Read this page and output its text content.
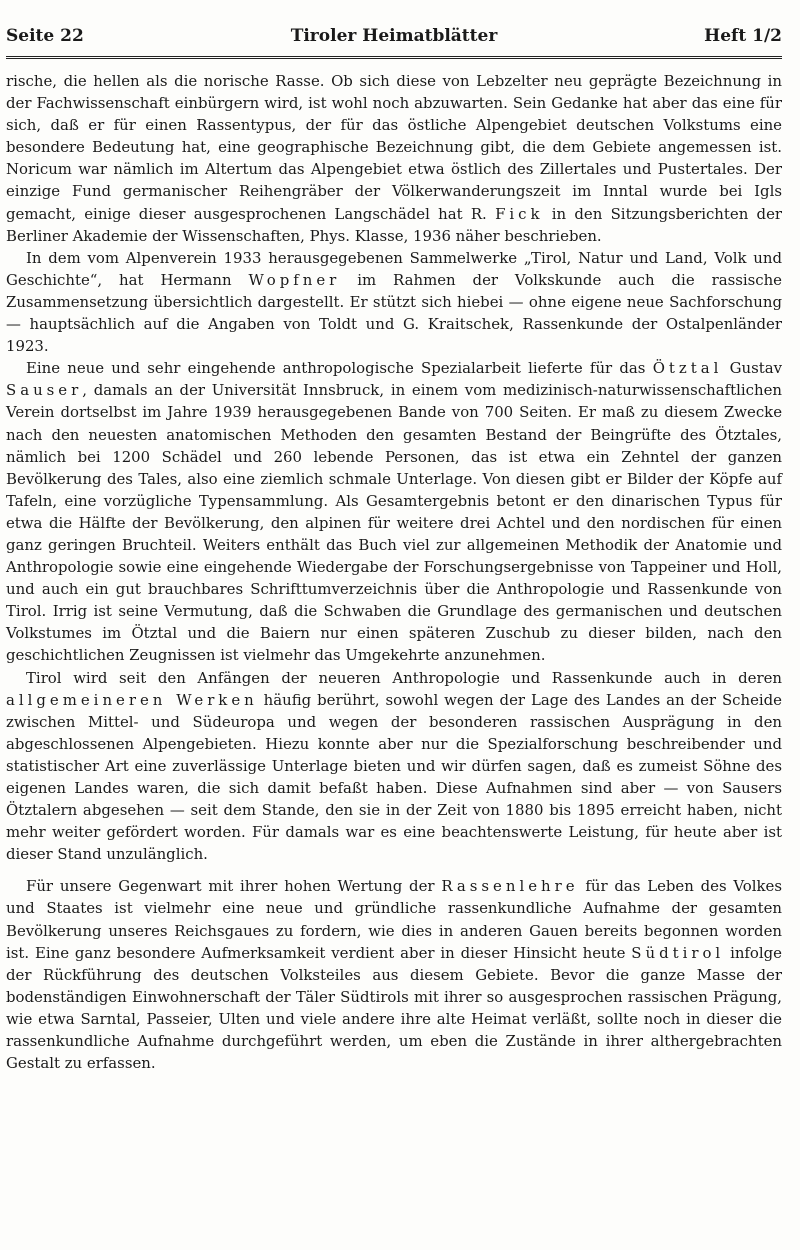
Seite 22	Tiroler Heimatblätter	Heft 1/2

rische, die hellen als die norische Rasse. Ob sich diese von Lebzelter neu geprägte Bezeichnung in der Fachwissenschaft einbürgern wird, ist wohl noch abzuwarten. Sein Gedanke hat aber das eine für sich, daß er für einen Rassentypus, der für das östliche Alpengebiet deutschen Volkstums eine besondere Bedeutung hat, eine geographische Bezeichnung gibt, die dem Gebiete angemessen ist. Noricum war nämlich im Altertum das Alpengebiet etwa östlich des Zillertales und Pustertales. Der einzige Fund germanischer Reihengräber der Völkerwanderungszeit im Inntal wurde bei Igls gemacht, einige dieser ausgesprochenen Langschädel hat R. Fick in den Sitzungsberichten der Berliner Akademie der Wissenschaften, Phys. Klasse, 1936 näher beschrieben.

In dem vom Alpenverein 1933 herausgegebenen Sammelwerke „Tirol, Natur und Land, Volk und Geschichte“, hat Hermann Wopfner im Rahmen der Volkskunde auch die rassische Zusammensetzung übersichtlich dargestellt. Er stützt sich hiebei — ohne eigene neue Sachforschung — hauptsächlich auf die Angaben von Toldt und G. Kraitschek, Rassenkunde der Ostalpenländer 1923.

Eine neue und sehr eingehende anthropologische Spezialarbeit lieferte für das Ötztal Gustav Sauser, damals an der Universität Innsbruck, in einem vom medizinisch-naturwissenschaftlichen Verein dortselbst im Jahre 1939 herausgegebenen Bande von 700 Seiten. Er maß zu diesem Zwecke nach den neuesten anatomischen Methoden den gesamten Bestand der Beingrüfte des Ötztales, nämlich bei 1200 Schädel und 260 lebende Personen, das ist etwa ein Zehntel der ganzen Bevölkerung des Tales, also eine ziemlich schmale Unterlage. Von diesen gibt er Bilder der Köpfe auf Tafeln, eine vorzügliche Typensammlung. Als Gesamtergebnis betont er den dinarischen Typus für etwa die Hälfte der Bevölkerung, den alpinen für weitere drei Achtel und den nordischen für einen ganz geringen Bruchteil. Weiters enthält das Buch viel zur allgemeinen Methodik der Anatomie und Anthropologie sowie eine eingehende Wiedergabe der Forschungsergebnisse von Tappeiner und Holl, und auch ein gut brauchbares Schrifttumverzeichnis über die Anthropologie und Rassenkunde von Tirol. Irrig ist seine Vermutung, daß die Schwaben die Grundlage des germanischen und deutschen Volkstumes im Ötztal und die Baiern nur einen späteren Zuschub zu dieser bilden, nach den geschichtlichen Zeugnissen ist vielmehr das Umgekehrte anzunehmen.

Tirol wird seit den Anfängen der neueren Anthropologie und Rassenkunde auch in deren allgemeineren Werken häufig berührt, sowohl wegen der Lage des Landes an der Scheide zwischen Mittel- und Südeuropa und wegen der besonderen rassischen Ausprägung in den abgeschlossenen Alpengebieten. Hiezu konnte aber nur die Spezialforschung beschreibender und statistischer Art eine zuverlässige Unterlage bieten und wir dürfen sagen, daß es zumeist Söhne des eigenen Landes waren, die sich damit befaßt haben. Diese Aufnahmen sind aber — von Sausers Ötztalern abgesehen — seit dem Stande, den sie in der Zeit von 1880 bis 1895 erreicht haben, nicht mehr weiter gefördert worden. Für damals war es eine beachtenswerte Leistung, für heute aber ist dieser Stand unzulänglich.

Für unsere Gegenwart mit ihrer hohen Wertung der Rassenlehre für das Leben des Volkes und Staates ist vielmehr eine neue und gründliche rassenkundliche Aufnahme der gesamten Bevölkerung unseres Reichsgaues zu fordern, wie dies in anderen Gauen bereits begonnen worden ist. Eine ganz besondere Aufmerksamkeit verdient aber in dieser Hinsicht heute Südtirol infolge der Rückführung des deutschen Volksteiles aus diesem Gebiete. Bevor die ganze Masse der bodenständigen Einwohnerschaft der Täler Südtirols mit ihrer so ausgesprochen rassischen Prägung, wie etwa Sarntal, Passeier, Ulten und viele andere ihre alte Heimat verläßt, sollte noch in dieser die rassenkundliche Aufnahme durchgeführt werden, um eben die Zustände in ihrer althergebrachten Gestalt zu erfassen.
